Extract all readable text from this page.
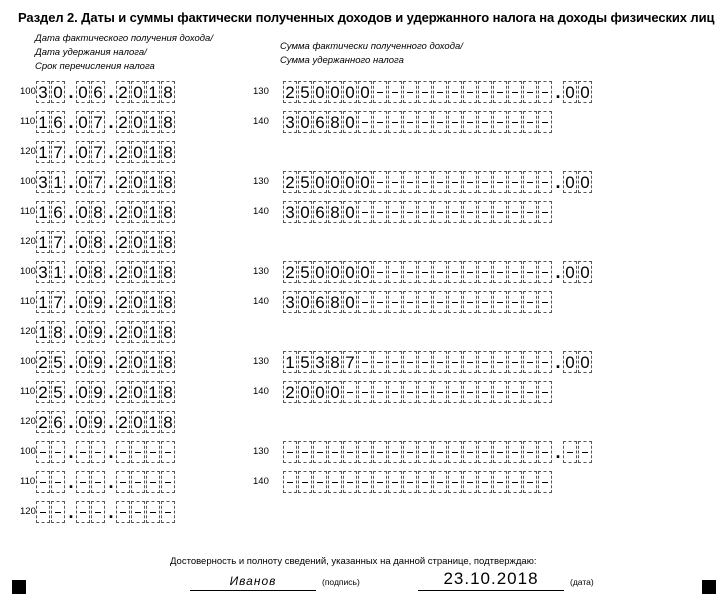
Раздел 2. Даты и суммы фактически полученных доходов и удержанного налога на доходы физических лиц
Дата фактического получения дохода/
Дата удержания налога/
Срок перечисления налога
Сумма фактически полученного дохода/
Сумма удержанного налога
100 3 0 . 0 6 . 2 0 1 8	130 2 5 0 0 0 0	. 0 0
110 1 6 . 0 7 . 2 0 1 8	140 3 0 6 8 0
120 1 7 . 0 7 . 2 0 1 8
100 3 1 . 0 7 . 2 0 1 8	130 2 5 0 0 0 0	. 0 0
110 1 6 . 0 8 . 2 0 1 8	140 3 0 6 8 0
120 1 7 . 0 8 . 2 0 1 8
100 3 1 . 0 8 . 2 0 1 8	130 2 5 0 0 0 0	. 0 0
110 1 7 . 0 9 . 2 0 1 8	140 3 0 6 8 0
120 1 8 . 0 9 . 2 0 1 8
100 2 5 . 0 9 . 2 0 1 8	130 1 5 3 8 7	. 0 0
110 2 5 . 0 9 . 2 0 1 8	140 2 0 0 0
120 2 6 . 0 9 . 2 0 1 8
100 . .	130	.
110 . .	140
120 . .
Достоверность и полноту сведений, указанных на данной странице, подтверждаю:
Иванов	(подпись)	23.10.2018	(дата)
